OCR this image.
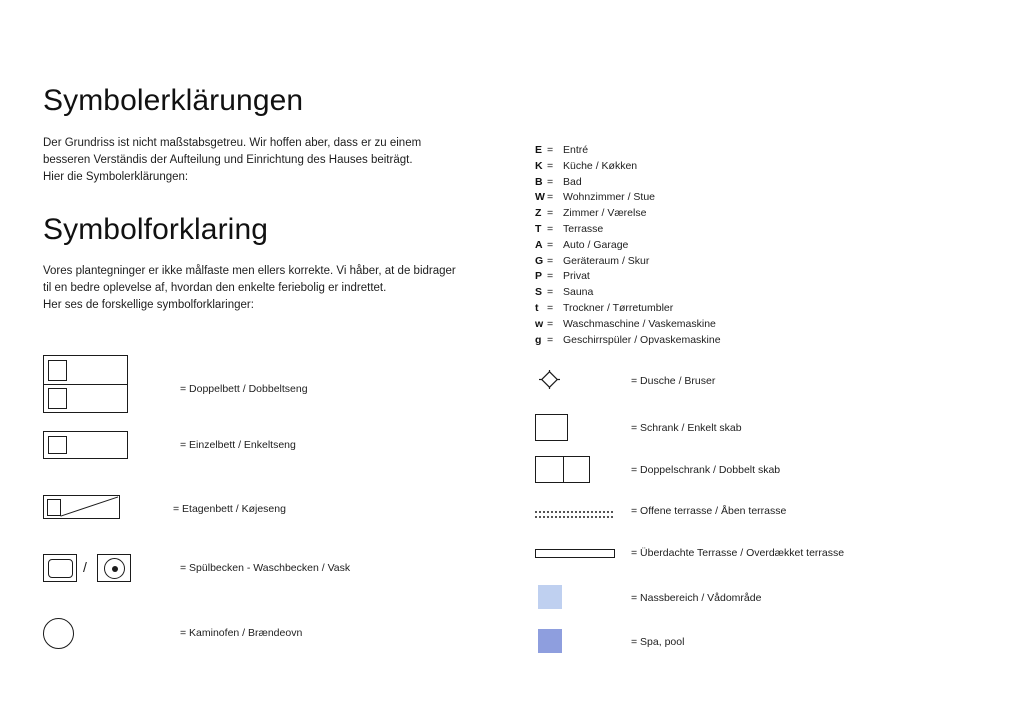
Symbolerklärungen

Der Grundriss ist nicht maßstabsgetreu. Wir hoffen aber, dass er zu einem
besseren Verständis der Aufteilung und Einrichtung des Hauses beiträgt.
Hier die Symbolerklärungen:

Symbolforklaring

Vores plantegninger er ikke målfaste men ellers korrekte. Vi håber, at de bidrager
til en bedre oplevelse af, hvordan den enkelte feriebolig er indrettet.
Her ses de forskellige symbolforklaringer:

= Doppelbett / Dobbeltseng
= Einzelbett / Enkeltseng
= Etagenbett / Køjeseng
/	= Spülbecken - Waschbecken / Vask
= Kaminofen / Brændeovn
E = Entré
K = Küche / Køkken
B = Bad
W = Wohnzimmer / Stue
Z = Zimmer / Værelse
T = Terrasse
A = Auto / Garage
G = Geräteraum / Skur
P = Privat
S = Sauna
t = Trockner / Tørretumbler
w = Waschmaschine / Vaskemaskine
g = Geschirrspüler / Opvaskemaskine
= Dusche / Bruser
= Schrank / Enkelt skab
= Doppelschrank / Dobbelt skab
= Offene terrasse / Åben terrasse
= Überdachte Terrasse / Overdækket terrasse
= Nassbereich / Vådområde
= Spa, pool
